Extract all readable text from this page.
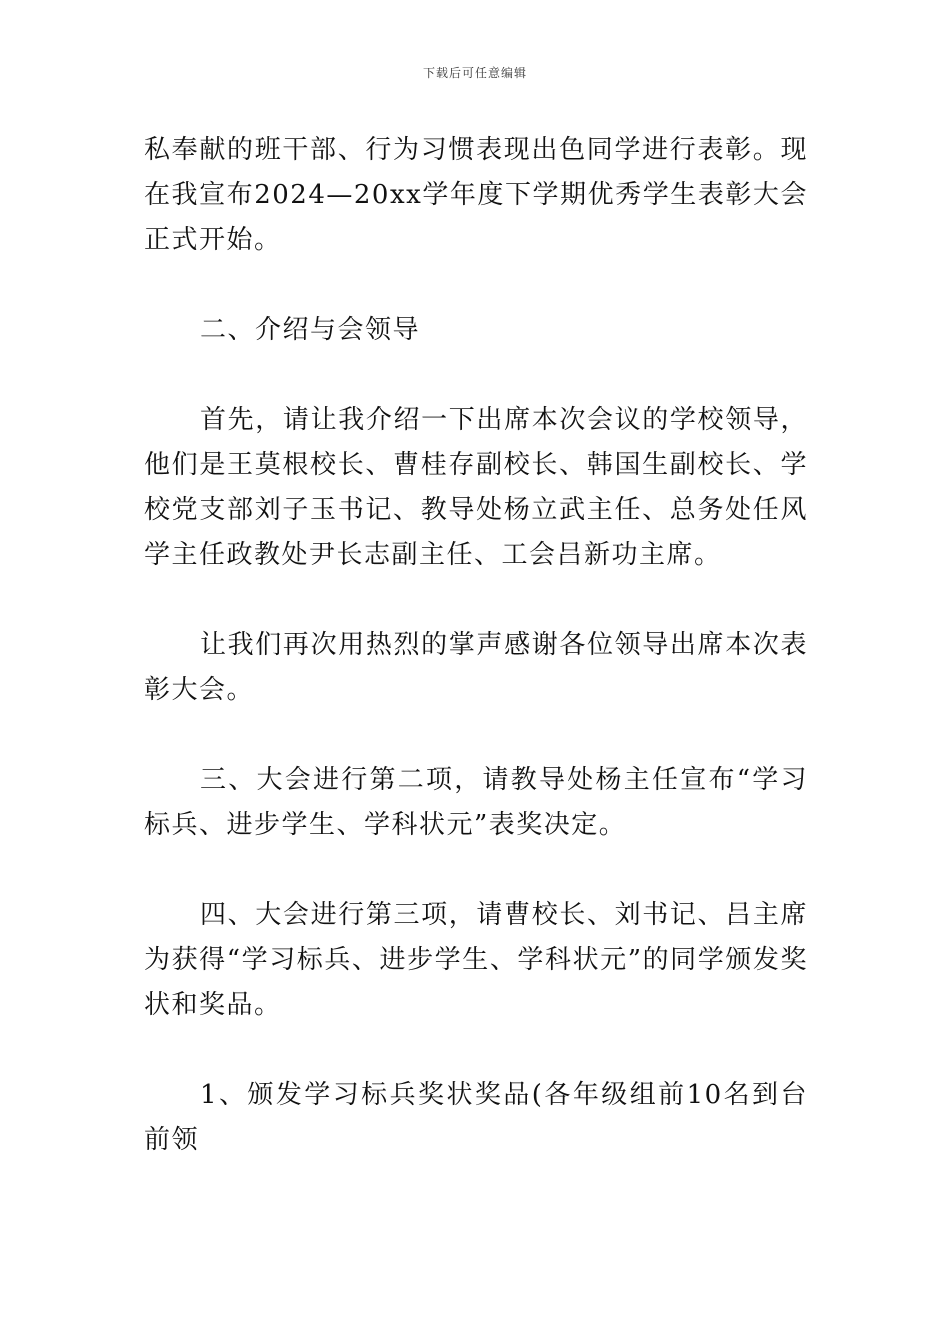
下载后可任意编辑

私奉献的班干部、行为习惯表现出色同学进行表彰。现在我宣布2024—20xx学年度下学期优秀学生表彰大会正式开始。

二、介绍与会领导

首先，请让我介绍一下出席本次会议的学校领导，他们是王莫根校长、曹桂存副校长、韩国生副校长、学校党支部刘子玉书记、教导处杨立武主任、总务处任风学主任政教处尹长志副主任、工会吕新功主席。

让我们再次用热烈的掌声感谢各位领导出席本次表彰大会。

三、大会进行第二项，请教导处杨主任宣布“学习标兵、进步学生、学科状元”表奖决定。

四、大会进行第三项，请曹校长、刘书记、吕主席为获得“学习标兵、进步学生、学科状元”的同学颁发奖状和奖品。

1、颁发学习标兵奖状奖品(各年级组前10名到台前领
